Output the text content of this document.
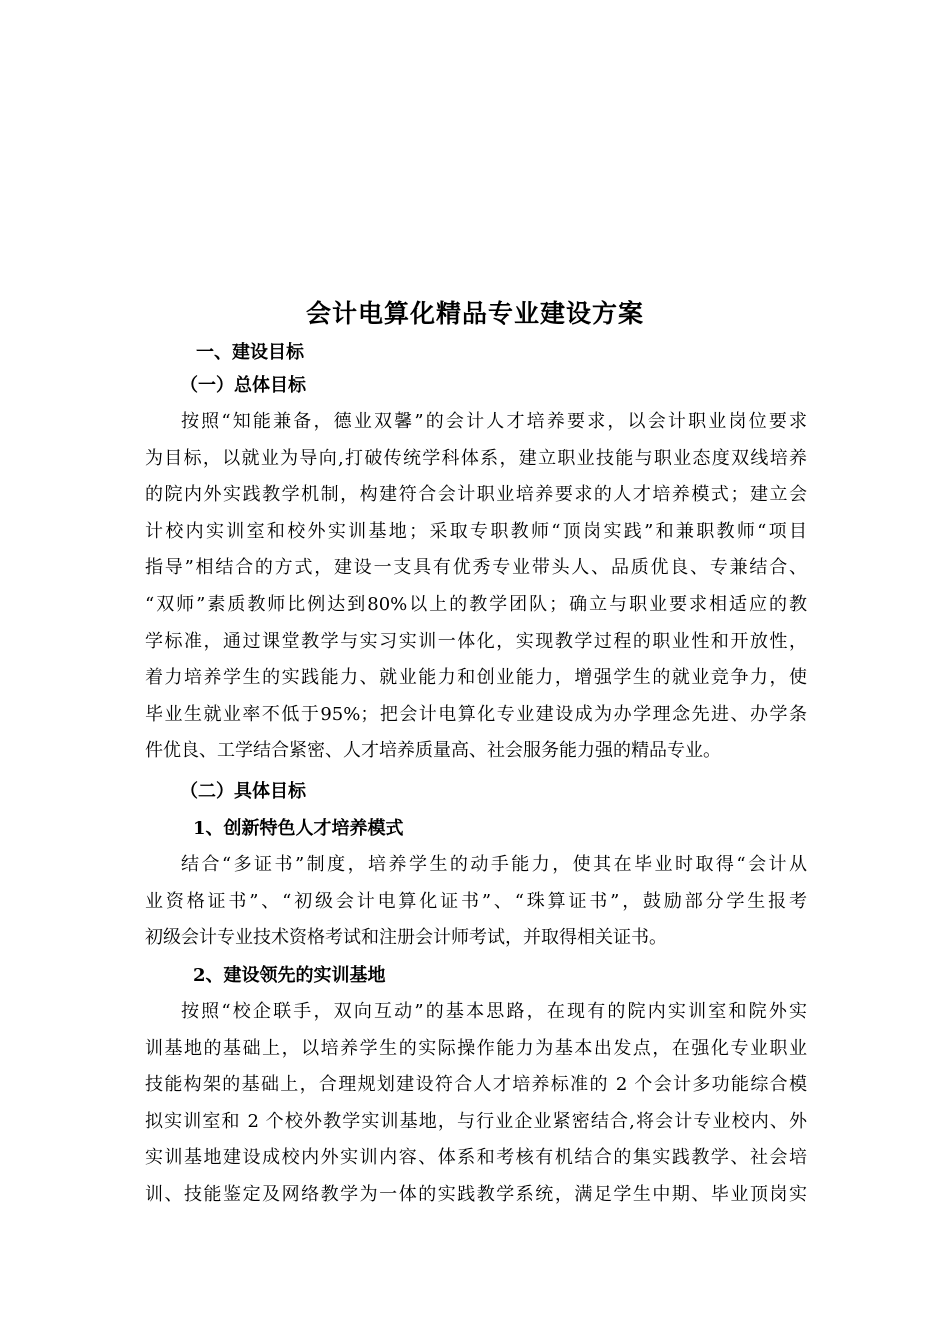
会计电算化精品专业建设方案
一、建设目标
（一）总体目标
按照“知能兼备，德业双馨”的会计人才培养要求，以会计职业岗位要求
为目标，以就业为导向,打破传统学科体系，建立职业技能与职业态度双线培养
的院内外实践教学机制，构建符合会计职业培养要求的人才培养模式；建立会
计校内实训室和校外实训基地；采取专职教师“顶岗实践”和兼职教师“项目
指导”相结合的方式，建设一支具有优秀专业带头人、品质优良、专兼结合、
“双师”素质教师比例达到80%以上的教学团队；确立与职业要求相适应的教
学标准，通过课堂教学与实习实训一体化，实现教学过程的职业性和开放性，
着力培养学生的实践能力、就业能力和创业能力，增强学生的就业竞争力，使
毕业生就业率不低于95%；把会计电算化专业建设成为办学理念先进、办学条
件优良、工学结合紧密、人才培养质量高、社会服务能力强的精品专业。
（二）具体目标
1、创新特色人才培养模式
结合“多证书”制度，培养学生的动手能力，使其在毕业时取得“会计从
业资格证书”、“初级会计电算化证书”、“珠算证书”，鼓励部分学生报考
初级会计专业技术资格考试和注册会计师考试，并取得相关证书。
2、建设领先的实训基地
按照“校企联手，双向互动”的基本思路，在现有的院内实训室和院外实
训基地的基础上，以培养学生的实际操作能力为基本出发点，在强化专业职业
技能构架的基础上，合理规划建设符合人才培养标准的 2 个会计多功能综合模
拟实训室和 2 个校外教学实训基地，与行业企业紧密结合,将会计专业校内、外
实训基地建设成校内外实训内容、体系和考核有机结合的集实践教学、社会培
训、技能鉴定及网络教学为一体的实践教学系统，满足学生中期、毕业顶岗实
